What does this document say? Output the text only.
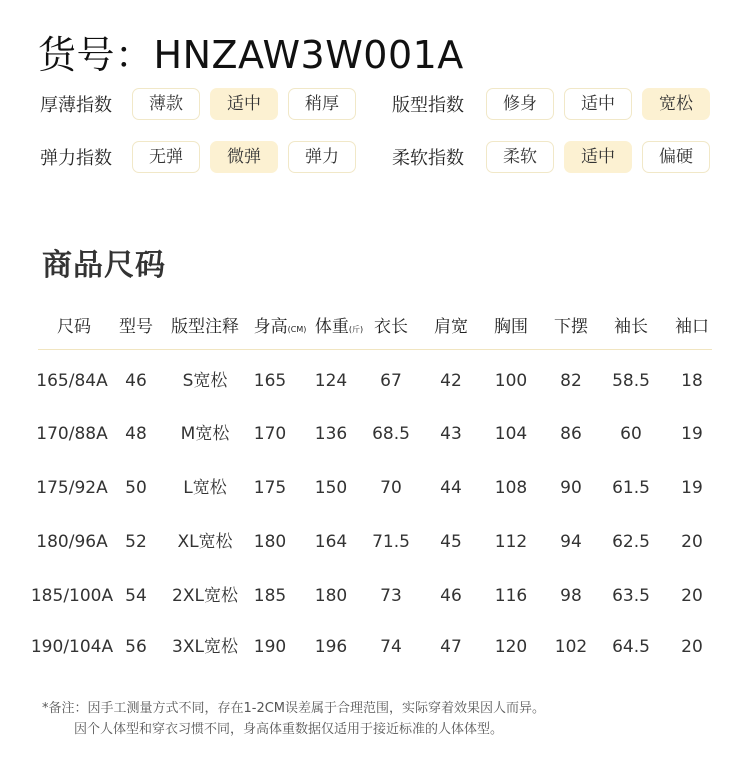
货号：HNZAW3W001A
厚薄指数	薄款	适中	稍厚	版型指数	修身	适中	宽松
弹力指数	无弹	微弹	弹力	柔软指数	柔软	适中	偏硬
商品尺码
尺码 型号 版型注释 身高(CM) 体重(斤) 衣长 肩宽 胸围 下摆 袖长 袖口
165/84A 46 S宽松 165 124 67 42 100 82 58.5 18
170/88A 48 M宽松 170 136 68.5 43 104 86 60 19
175/92A 50 L宽松 175 150 70 44 108 90 61.5 19
180/96A 52 XL宽松 180 164 71.5 45 112 94 62.5 20
185/100A 54 2XL宽松 185 180 73 46 116 98 63.5 20
190/104A 56 3XL宽松 190 196 74 47 120 102 64.5 20
*备注：因手工测量方式不同，存在1-2CM误差属于合理范围，实际穿着效果因人而异。
因个人体型和穿衣习惯不同，身高体重数据仅适用于接近标准的人体体型。
